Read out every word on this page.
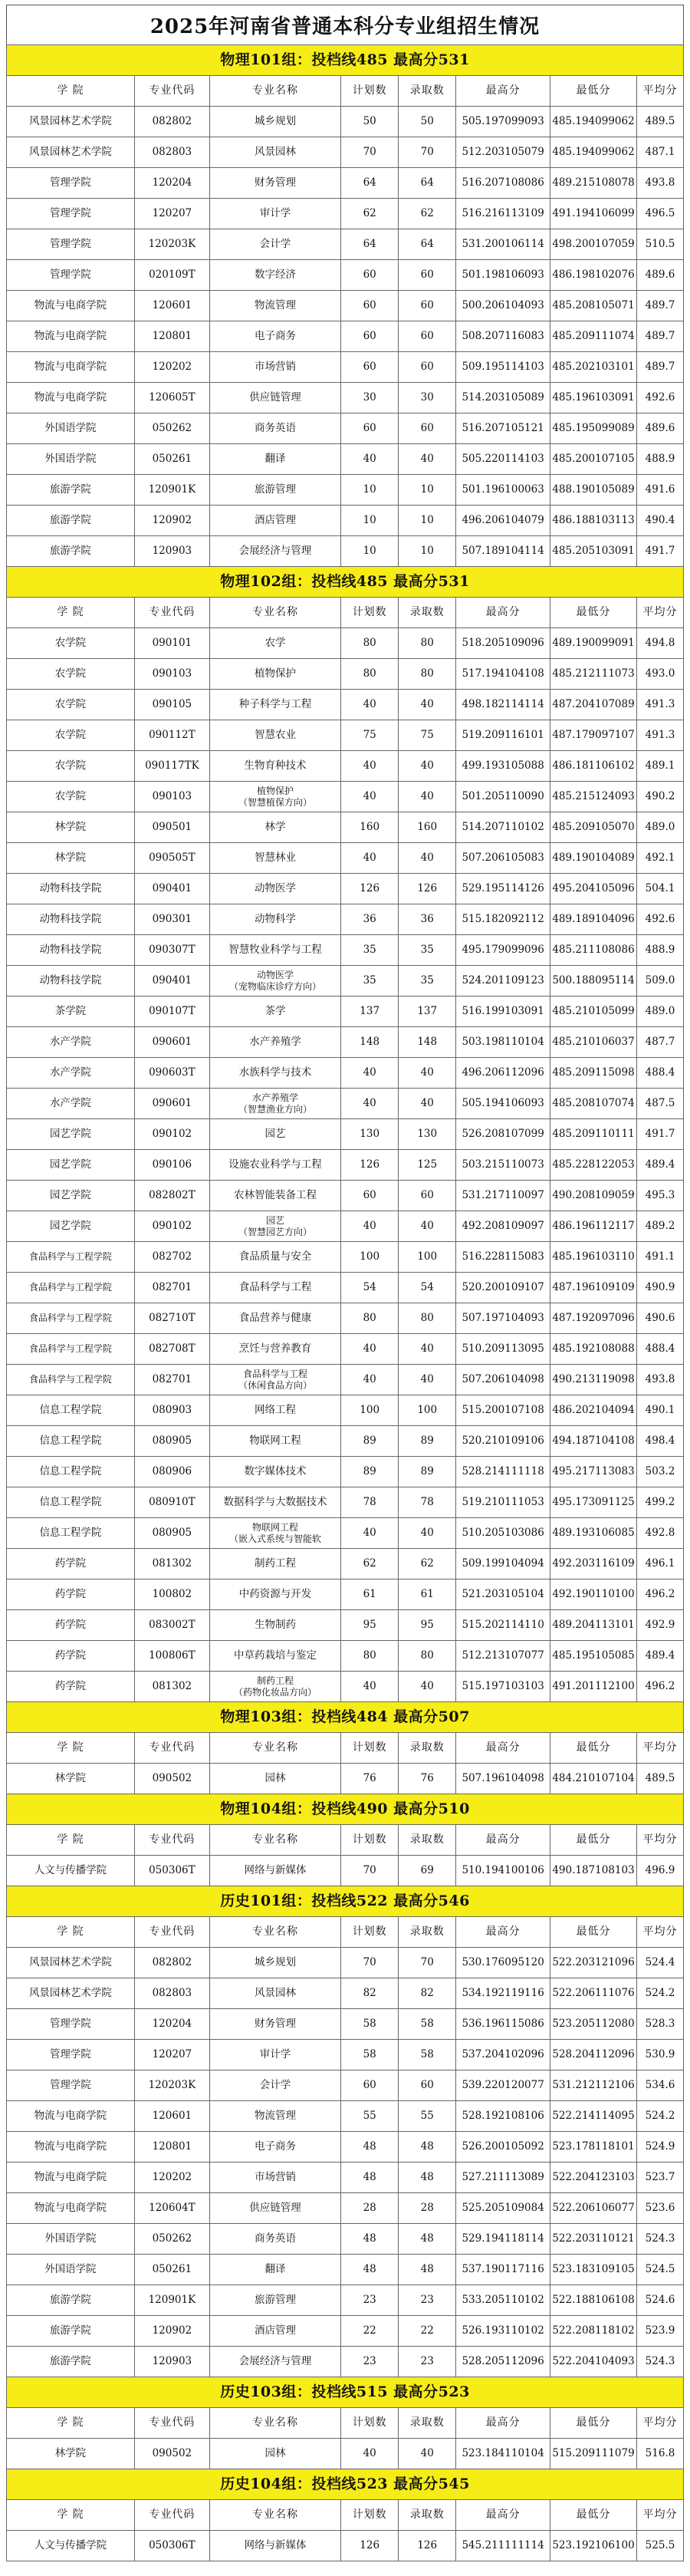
2025年河南省普通本科分专业组招生情况
物理101组：投档线485 最高分531							
学 院	专业代码	专业名称	计划数	录取数	最高分	最低分	平均分
风景园林艺术学院	082802	城乡规划	50	50	505.197099093	485.194099062	489.5
风景园林艺术学院	082803	风景园林	70	70	512.203105079	485.194099062	487.1
管理学院	120204	财务管理	64	64	516.207108086	489.215108078	493.8
管理学院	120207	审计学	62	62	516.216113109	491.194106099	496.5
管理学院	120203K	会计学	64	64	531.200106114	498.200107059	510.5
管理学院	020109T	数字经济	60	60	501.198106093	486.198102076	489.6
物流与电商学院	120601	物流管理	60	60	500.206104093	485.208105071	489.7
物流与电商学院	120801	电子商务	60	60	508.207116083	485.209111074	489.7
物流与电商学院	120202	市场营销	60	60	509.195114103	485.202103101	489.7
物流与电商学院	120605T	供应链管理	30	30	514.203105089	485.196103091	492.6
外国语学院	050262	商务英语	60	60	516.207105121	485.195099089	489.6
外国语学院	050261	翻译	40	40	505.220114103	485.200107105	488.9
旅游学院	120901K	旅游管理	10	10	501.196100063	488.190105089	491.6
旅游学院	120902	酒店管理	10	10	496.206104079	486.188103113	490.4
旅游学院	120903	会展经济与管理	10	10	507.189104114	485.205103091	491.7
物理102组：投档线485 最高分531							
学 院	专业代码	专业名称	计划数	录取数	最高分	最低分	平均分
农学院	090101	农学	80	80	518.205109096	489.190099091	494.8
农学院	090103	植物保护	80	80	517.194104108	485.212111073	493.0
农学院	090105	种子科学与工程	40	40	498.182114114	487.204107089	491.3
农学院	090112T	智慧农业	75	75	519.209116101	487.179097107	491.3
农学院	090117TK	生物育种技术	40	40	499.193105088	486.181106102	489.1
农学院	090103	植物保护
（智慧植保方向）	40	40	501.205110090	485.215124093	490.2
林学院	090501	林学	160	160	514.207110102	485.209105070	489.0
林学院	090505T	智慧林业	40	40	507.206105083	489.190104089	492.1
动物科技学院	090401	动物医学	126	126	529.195114126	495.204105096	504.1
动物科技学院	090301	动物科学	36	36	515.182092112	489.189104096	492.6
动物科技学院	090307T	智慧牧业科学与工程	35	35	495.179099096	485.211108086	488.9
动物科技学院	090401	动物医学
（宠物临床诊疗方向）	35	35	524.201109123	500.188095114	509.0
茶学院	090107T	茶学	137	137	516.199103091	485.210105099	489.0
水产学院	090601	水产养殖学	148	148	503.198110104	485.210106037	487.7
水产学院	090603T	水族科学与技术	40	40	496.206112096	485.209115098	488.4
水产学院	090601	水产养殖学
（智慧渔业方向）	40	40	505.194106093	485.208107074	487.5
园艺学院	090102	园艺	130	130	526.208107099	485.209110111	491.7
园艺学院	090106	设施农业科学与工程	126	125	503.215110073	485.228122053	489.4
园艺学院	082802T	农林智能装备工程	60	60	531.217110097	490.208109059	495.3
园艺学院	090102	园艺
（智慧园艺方向）	40	40	492.208109097	486.196112117	489.2
食品科学与工程学院	082702	食品质量与安全	100	100	516.228115083	485.196103110	491.1
食品科学与工程学院	082701	食品科学与工程	54	54	520.200109107	487.196109109	490.9
食品科学与工程学院	082710T	食品营养与健康	80	80	507.197104093	487.192097096	490.6
食品科学与工程学院	082708T	烹饪与营养教育	40	40	510.209113095	485.192108088	488.4
食品科学与工程学院	082701	食品科学与工程
（休闲食品方向）	40	40	507.206104098	490.213119098	493.8
信息工程学院	080903	网络工程	100	100	515.200107108	486.202104094	490.1
信息工程学院	080905	物联网工程	89	89	520.210109106	494.187104108	498.4
信息工程学院	080906	数字媒体技术	89	89	528.214111118	495.217113083	503.2
信息工程学院	080910T	数据科学与大数据技术	78	78	519.210111053	495.173091125	499.2
信息工程学院	080905	物联网工程
（嵌入式系统与智能软	40	40	510.205103086	489.193106085	492.8
药学院	081302	制药工程	62	62	509.199104094	492.203116109	496.1
药学院	100802	中药资源与开发	61	61	521.203105104	492.190110100	496.2
药学院	083002T	生物制药	95	95	515.202114110	489.204113101	492.9
药学院	100806T	中草药栽培与鉴定	80	80	512.213107077	485.195105085	489.4
药学院	081302	制药工程
（药物化妆品方向）	40	40	515.197103103	491.201112100	496.2
物理103组：投档线484 最高分507							
学 院	专业代码	专业名称	计划数	录取数	最高分	最低分	平均分
林学院	090502	园林	76	76	507.196104098	484.210107104	489.5
物理104组：投档线490 最高分510							
学 院	专业代码	专业名称	计划数	录取数	最高分	最低分	平均分
人文与传播学院	050306T	网络与新媒体	70	69	510.194100106	490.187108103	496.9
历史101组：投档线522 最高分546							
学 院	专业代码	专业名称	计划数	录取数	最高分	最低分	平均分
风景园林艺术学院	082802	城乡规划	70	70	530.176095120	522.203121096	524.4
风景园林艺术学院	082803	风景园林	82	82	534.192119116	522.206111076	524.2
管理学院	120204	财务管理	58	58	536.196115086	523.205112080	528.3
管理学院	120207	审计学	58	58	537.204102096	528.204112096	530.9
管理学院	120203K	会计学	60	60	539.220120077	531.212112106	534.6
物流与电商学院	120601	物流管理	55	55	528.192108106	522.214114095	524.2
物流与电商学院	120801	电子商务	48	48	526.200105092	523.178118101	524.9
物流与电商学院	120202	市场营销	48	48	527.211113089	522.204123103	523.7
物流与电商学院	120604T	供应链管理	28	28	525.205109084	522.206106077	523.6
外国语学院	050262	商务英语	48	48	529.194118114	522.203110121	524.3
外国语学院	050261	翻译	48	48	537.190117116	523.183109105	524.5
旅游学院	120901K	旅游管理	23	23	533.205110102	522.188106108	524.6
旅游学院	120902	酒店管理	22	22	526.193110102	522.208118102	523.9
旅游学院	120903	会展经济与管理	23	23	528.205112096	522.204104093	524.3
历史103组：投档线515 最高分523							
学 院	专业代码	专业名称	计划数	录取数	最高分	最低分	平均分
林学院	090502	园林	40	40	523.184110104	515.209111079	516.8
历史104组：投档线523 最高分545							
学 院	专业代码	专业名称	计划数	录取数	最高分	最低分	平均分
人文与传播学院	050306T	网络与新媒体	126	126	545.211111114	523.192106100	525.5
